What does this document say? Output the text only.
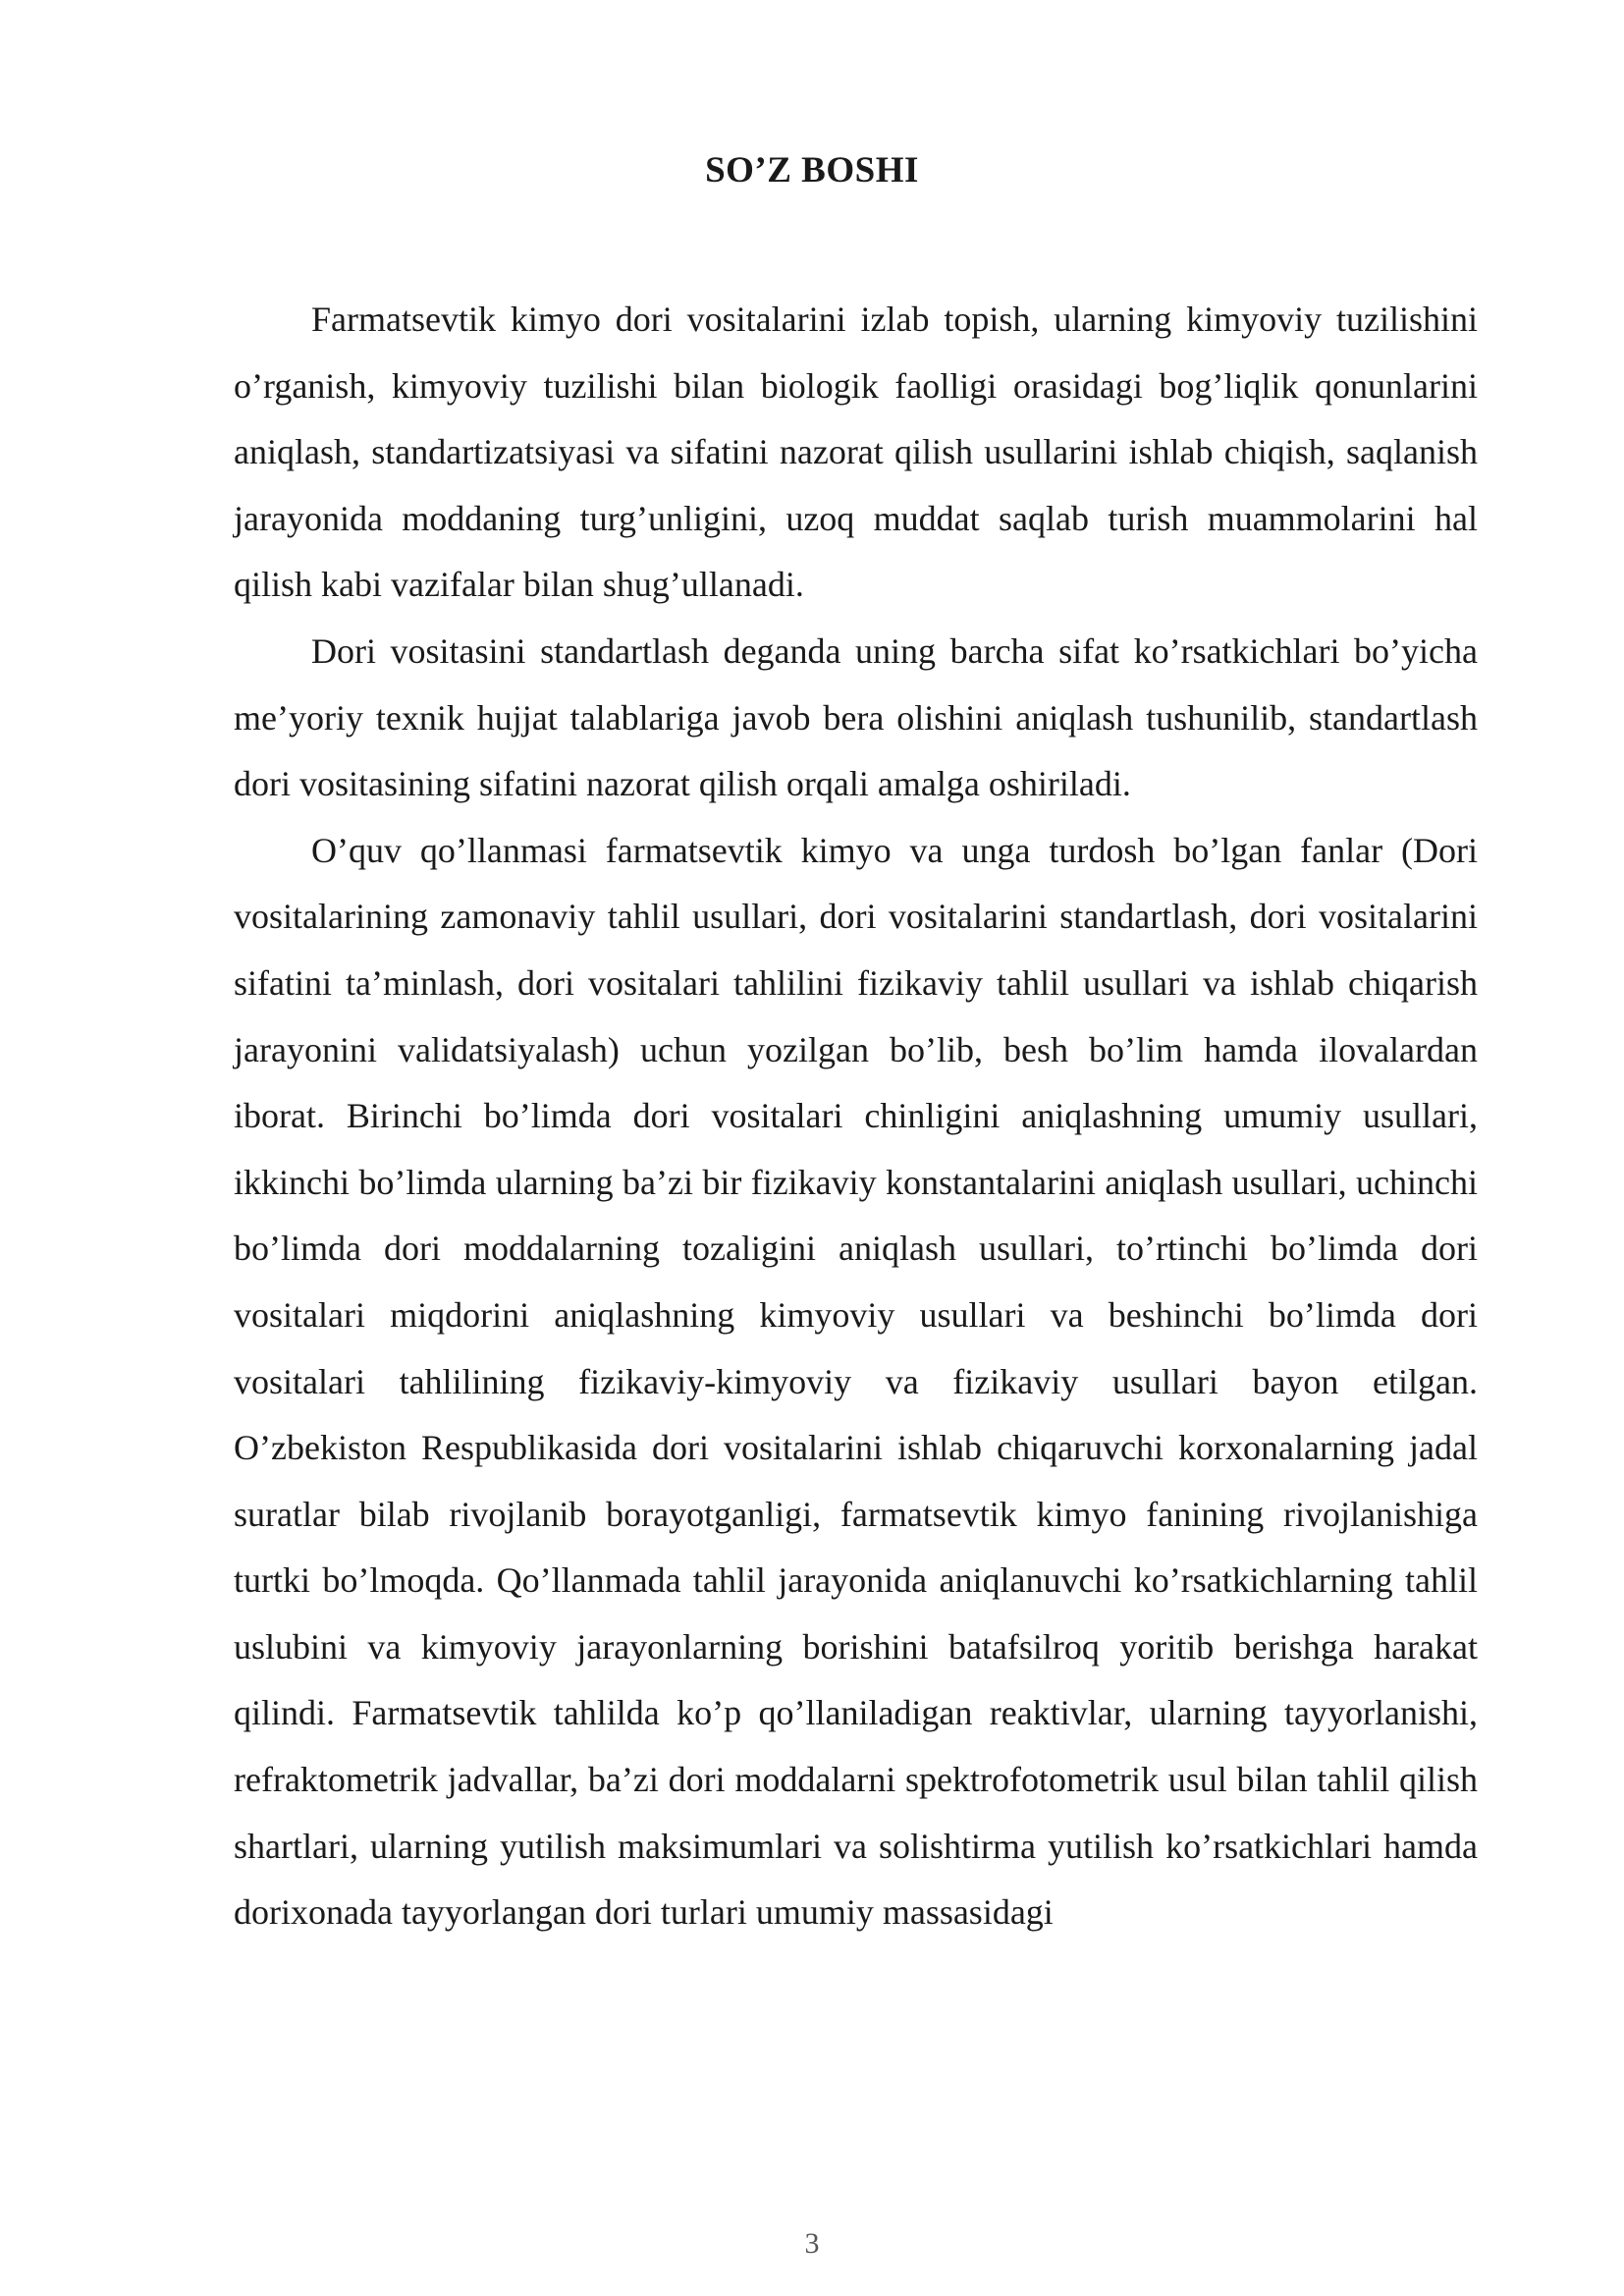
SO’Z BOSHI

Farmatsevtik kimyo dori vositalarini izlab topish, ularning kimyoviy tuzilishini o’rganish, kimyoviy tuzilishi bilan biologik faolligi orasidagi bog’liqlik qonunlarini aniqlash, standartizatsiyasi va sifatini nazorat qilish usullarini ishlab chiqish, saqlanish jarayonida moddaning turg’unligini, uzoq muddat saqlab turish muammolarini hal qilish kabi vazifalar bilan shug’ullanadi.

Dori vositasini standartlash deganda uning barcha sifat ko’rsatkichlari bo’yicha me’yoriy texnik hujjat talablariga javob bera olishini aniqlash tushunilib, standartlash dori vositasining sifatini nazorat qilish orqali amalga oshiriladi.

O’quv qo’llanmasi farmatsevtik kimyo va unga turdosh bo’lgan fanlar (Dori vositalarining zamonaviy tahlil usullari, dori vositalarini standartlash, dori vositalarini sifatini ta’minlash, dori vositalari tahlilini fizikaviy tahlil usullari va ishlab chiqarish jarayonini validatsiyalash) uchun yozilgan bo’lib, besh bo’lim hamda ilovalardan iborat. Birinchi bo’limda dori vositalari chinligini aniqlashning umumiy usullari, ikkinchi bo’limda ularning ba’zi bir fizikaviy konstantalarini aniqlash usullari, uchinchi bo’limda dori moddalarning tozaligini aniqlash usullari, to’rtinchi bo’limda dori vositalari miqdorini aniqlashning kimyoviy usullari va beshinchi bo’limda dori vositalari tahlilining fizikaviy-kimyoviy va fizikaviy usullari bayon etilgan. O’zbekiston Respublikasida dori vositalarini ishlab chiqaruvchi korxonalarning jadal suratlar bilab rivojlanib borayotganligi, farmatsevtik kimyo fanining rivojlanishiga turtki bo’lmoqda. Qo’llanmada tahlil jarayonida aniqlanuvchi ko’rsatkichlarning tahlil uslubini va kimyoviy jarayonlarning borishini batafsilroq yoritib berishga harakat qilindi. Farmatsevtik tahlilda ko’p qo’llaniladigan reaktivlar, ularning tayyorlanishi, refraktometrik jadvallar, ba’zi dori moddalarni spektrofotometrik usul bilan tahlil qilish shartlari, ularning yutilish maksimumlari va solishtirma yutilish ko’rsatkichlari hamda dorixonada tayyorlangan dori turlari umumiy massasidagi

3
